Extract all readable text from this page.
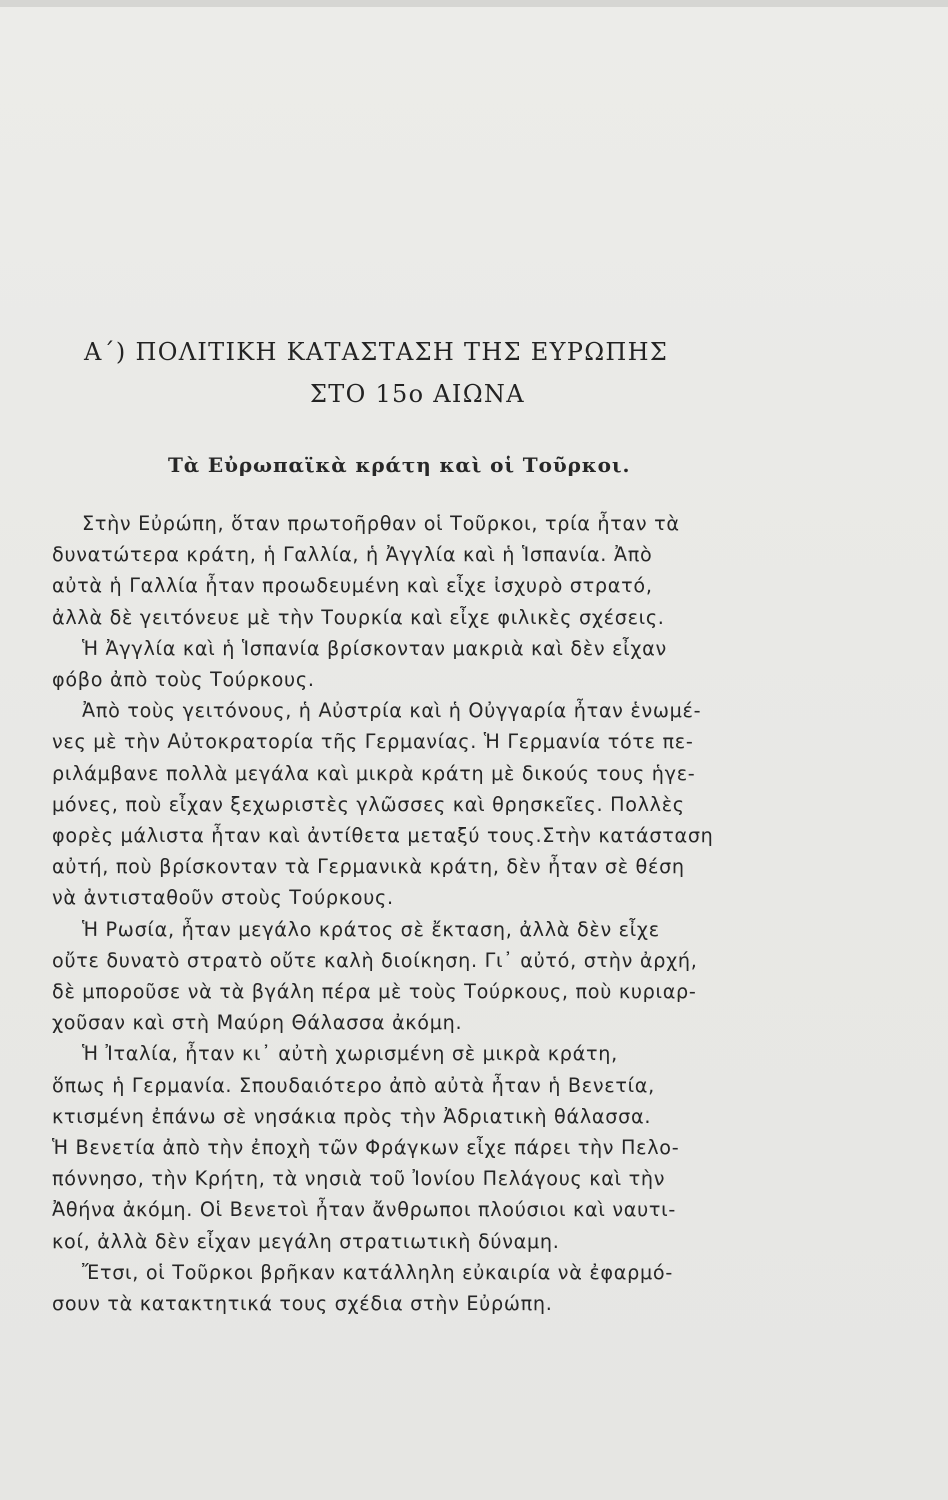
Α΄) ΠΟΛΙΤΙΚΗ ΚΑΤΑΣΤΑΣΗ ΤΗΣ ΕΥΡΩΠΗΣ
ΣΤΟ 15ο ΑΙΩΝΑ
Τὰ Εὐρωπαϊκὰ κράτη καὶ οἱ Τοῦρκοι.
Στὴν Εὐρώπη, ὅταν πρωτοῆρθαν οἱ Τοῦρκοι, τρία ἦταν τὰ
δυνατώτερα κράτη, ἡ Γαλλία, ἡ Ἀγγλία καὶ ἡ Ἱσπανία. Ἀπὸ
αὐτὰ ἡ Γαλλία ἦταν προωδευμένη καὶ εἶχε ἰσχυρὸ στρατό,
ἀλλὰ δὲ γειτόνευε μὲ τὴν Τουρκία καὶ εἶχε φιλικὲς σχέσεις.
Ἡ Ἀγγλία καὶ ἡ Ἱσπανία βρίσκονταν μακριὰ καὶ δὲν εἶχαν
φόβο ἀπὸ τοὺς Τούρκους.
Ἀπὸ τοὺς γειτόνους, ἡ Αὐστρία καὶ ἡ Οὐγγαρία ἦταν ἑνωμέ-
νες μὲ τὴν Αὐτοκρατορία τῆς Γερμανίας. Ἡ Γερμανία τότε πε-
ριλάμβανε πολλὰ μεγάλα καὶ μικρὰ κράτη μὲ δικούς τους ἡγε-
μόνες, ποὺ εἶχαν ξεχωριστὲς γλῶσσες καὶ θρησκεῖες. Πολλὲς
φορὲς μάλιστα ἦταν καὶ ἀντίθετα μεταξύ τους.Στὴν κατάσταση
αὐτή, ποὺ βρίσκονταν τὰ Γερμανικὰ κράτη, δὲν ἦταν σὲ θέση
νὰ ἀντισταθοῦν στοὺς Τούρκους.
Ἡ Ρωσία, ἦταν μεγάλο κράτος σὲ ἔκταση, ἀλλὰ δὲν εἶχε
οὔτε δυνατὸ στρατὸ οὔτε καλὴ διοίκηση. Γι᾿ αὐτό, στὴν ἀρχή,
δὲ μποροῦσε νὰ τὰ βγάλη πέρα μὲ τοὺς Τούρκους, ποὺ κυριαρ-
χοῦσαν καὶ στὴ Μαύρη Θάλασσα ἀκόμη.
Ἡ Ἰταλία, ἦταν κι᾿ αὐτὴ χωρισμένη σὲ μικρὰ κράτη,
ὅπως ἡ Γερμανία. Σπουδαιότερο ἀπὸ αὐτὰ ἦταν ἡ Βενετία,
κτισμένη ἐπάνω σὲ νησάκια πρὸς τὴν Ἀδριατικὴ θάλασσα.
Ἡ Βενετία ἀπὸ τὴν ἐποχὴ τῶν Φράγκων εἶχε πάρει τὴν Πελο-
πόννησο, τὴν Κρήτη, τὰ νησιὰ τοῦ Ἰονίου Πελάγους καὶ τὴν
Ἀθήνα ἀκόμη. Οἱ Βενετοὶ ἦταν ἄνθρωποι πλούσιοι καὶ ναυτι-
κοί, ἀλλὰ δὲν εἶχαν μεγάλη στρατιωτικὴ δύναμη.
Ἔτσι, οἱ Τοῦρκοι βρῆκαν κατάλληλη εὐκαιρία νὰ ἐφαρμό-
σουν τὰ κατακτητικά τους σχέδια στὴν Εὐρώπη.
